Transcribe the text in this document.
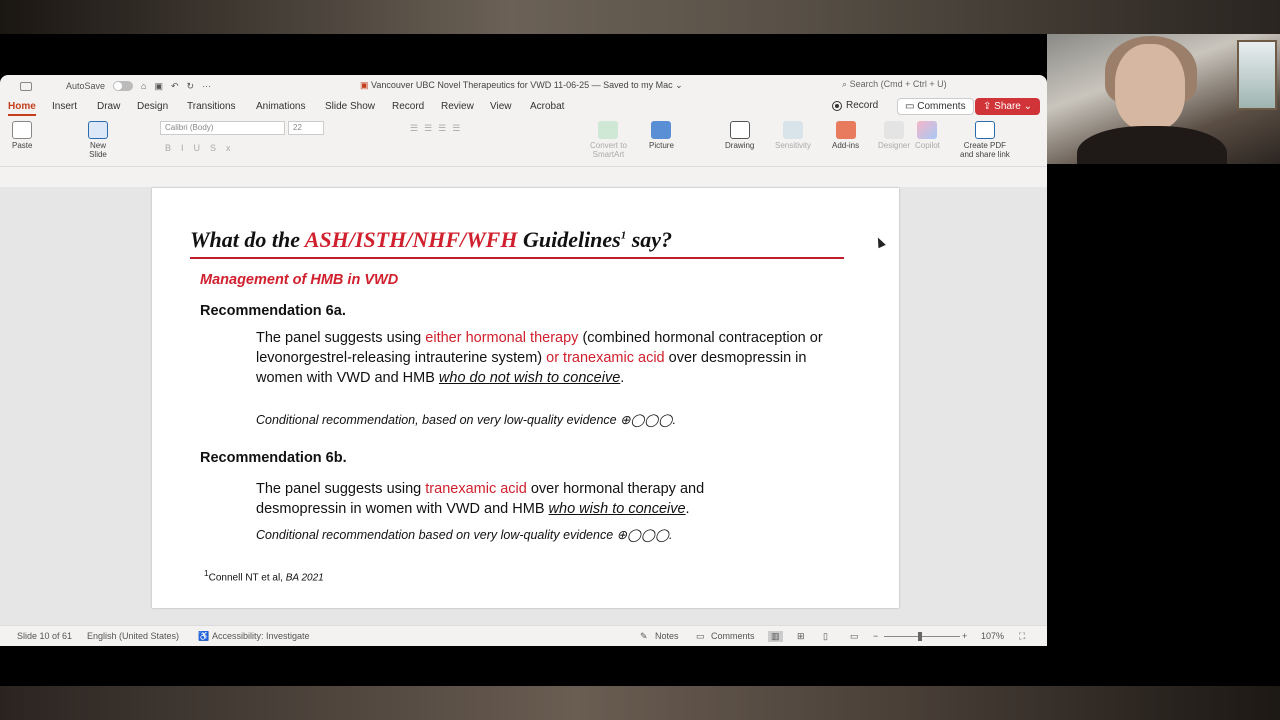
AutoSave	⌂ ▣ ↶ ↻ ···	▣ Vancouver UBC Novel Therapeutics for VWD 11-06-25 — Saved to my Mac ⌄	⌕ Search (Cmd + Ctrl + U)
Home Insert Draw Design Transitions Animations Slide Show Record Review View Acrobat	Record	▭ Comments	⇪ Share ⌄
Paste	New
Slide
Calibri (Body)	22
BIUSx
☰☰☰☰
Convert to
SmartArt
Picture	Drawing	Sensitivity	Add-ins Designer Copilot	Create PDF
and share link
What do the ASH/ISTH/NHF/WFH Guidelines$^1$ say?
Management of HMB in VWD
Recommendation 6a.
The panel suggests using either hormonal therapy (combined hormonal contraception or levonorgestrel-releasing intrauterine system) or tranexamic acid over desmopressin in women with VWD and HMB who do not wish to conceive.
Conditional recommendation, based on very low-quality evidence ⊕◯◯◯.
Recommendation 6b.
The panel suggests using tranexamic acid over hormonal therapy and desmopressin in women with VWD and HMB who wish to conceive.
Conditional recommendation based on very low-quality evidence ⊕◯◯◯.
$^1$Connell NT et al, BA 2021
Slide 10 of 61 English (United States) ♿ Accessibility: Investigate	✎ Notes ▭ Comments	▥	⊞ ▯ ▭ −	+ 107% ⛶
